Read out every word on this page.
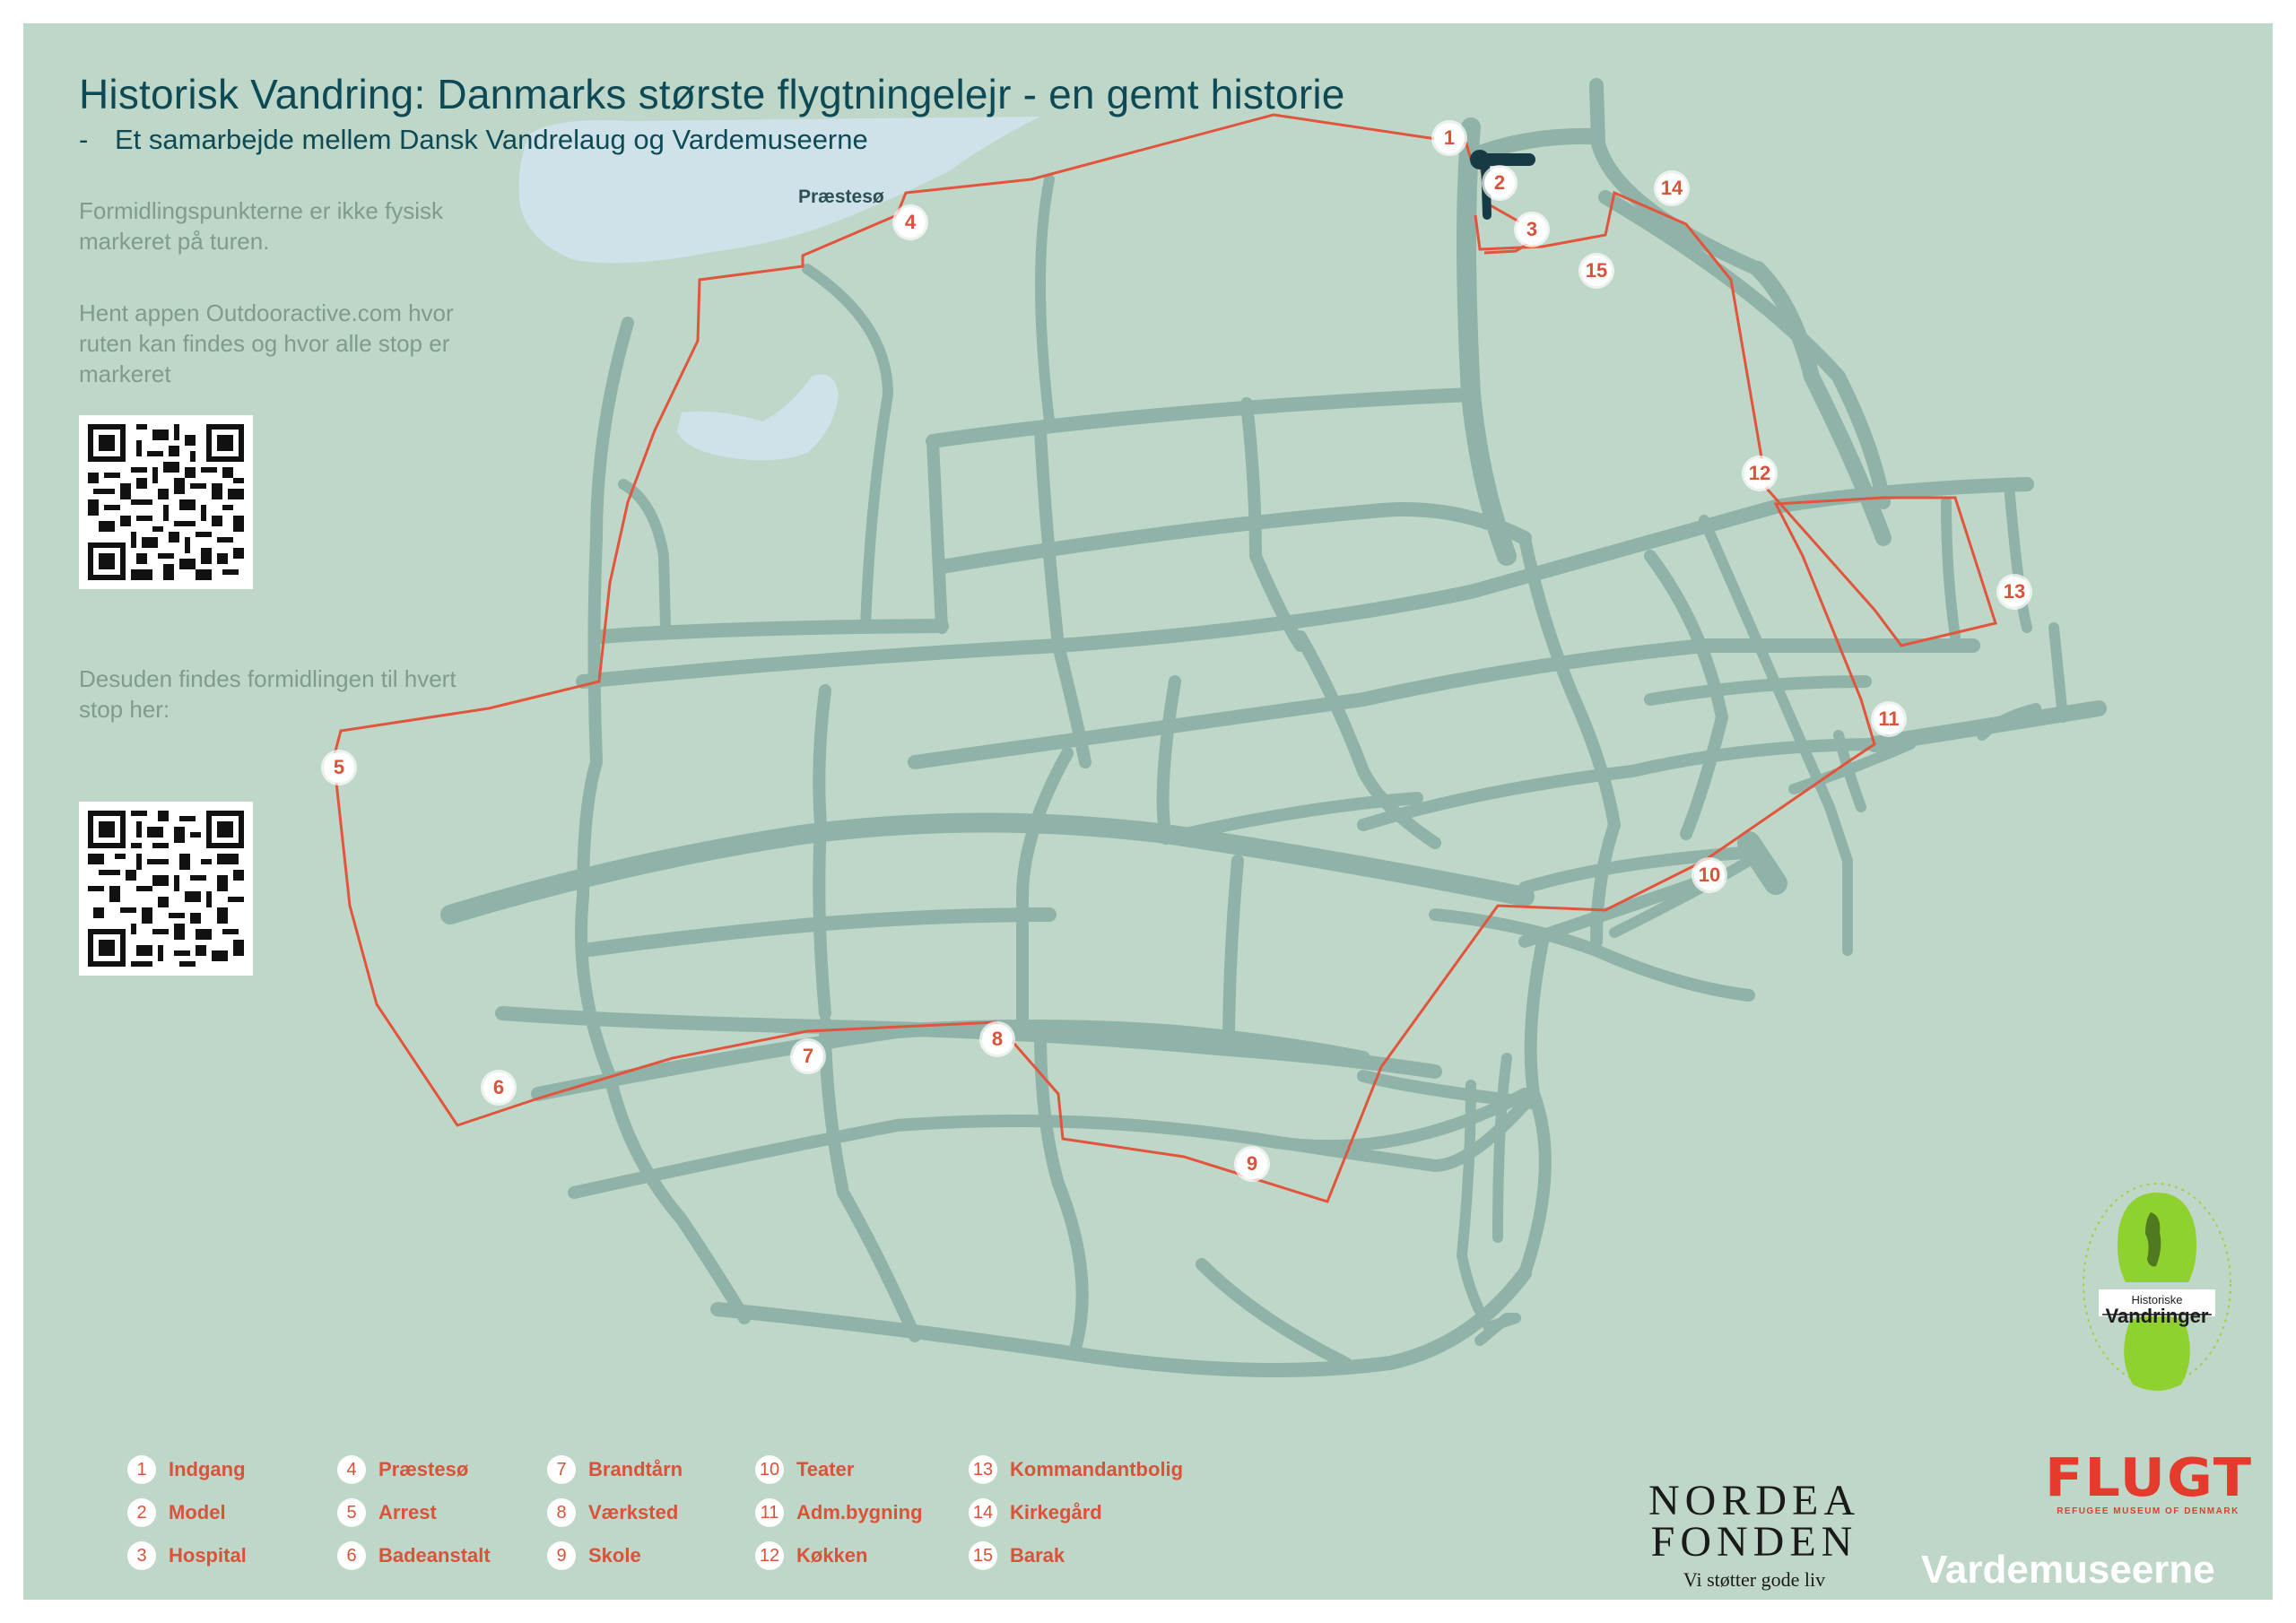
Historisk Vandring: Danmarks største flygtningelejr - en gemt historie
- Et samarbejde mellem Dansk Vandrelaug og Vardemuseerne
Formidlingspunkterne er ikke fysisk markeret på turen.
Hent appen Outdooractive.com hvor ruten kan findes og hvor alle stop er markeret
Desuden findes formidlingen til hvert stop her:
Præstesø
1
2
3
4
5
6
7
8
9
10
11
12
13
14
15
1	Indgang
2	Model
3	Hospital
4	Præstesø
5	Arrest
6	Badeanstalt
7	Brandtårn
8	Værksted
9	Skole
10 Teater
11 Adm.bygning
12 Køkken
13 Kommandantbolig
14 Kirkegård
15 Barak
Historiske
Vandringer
NORDEA
FONDEN
Vi støtter gode liv
FLUGT
REFUGEE MUSEUM OF DENMARK
Vardemuseerne
